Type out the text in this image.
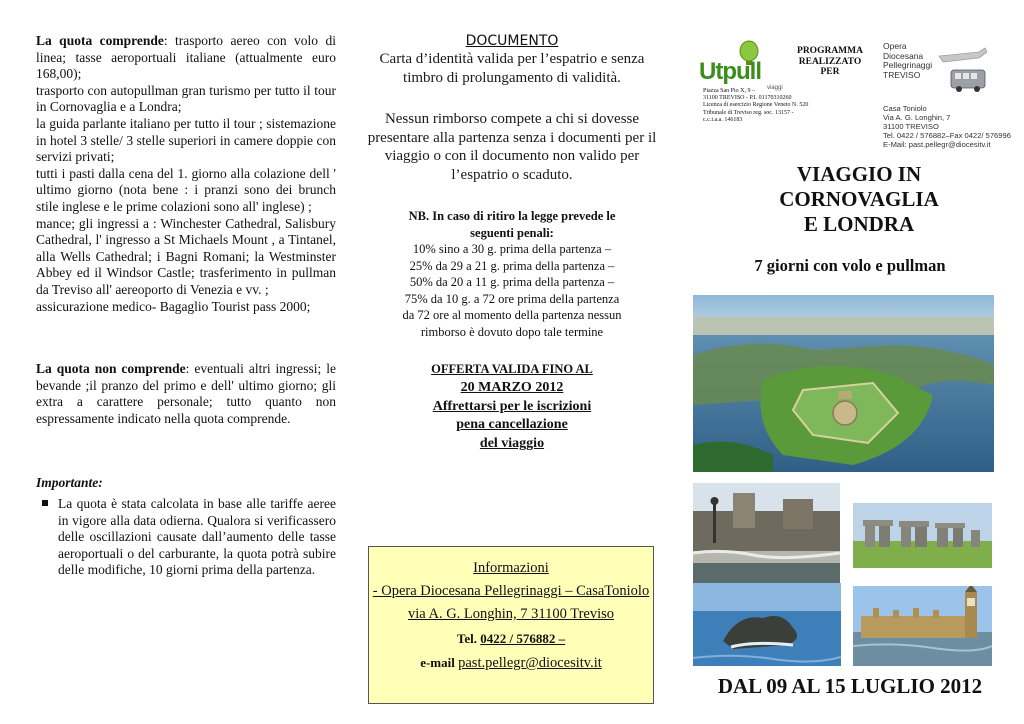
La quota comprende: trasporto aereo con volo di linea; tasse aeroportuali italiane (attualmente euro 168,00);

trasporto con autopullman gran turismo per tutto il tour in Cornovaglia e a Londra;

la guida parlante italiano per tutto il tour ; sistemazione in hotel 3 stelle/ 3 stelle superiori in camere doppie con servizi privati;

tutti i pasti dalla cena del 1. giorno alla colazione dell ' ultimo giorno (nota bene : i pranzi sono dei brunch stile inglese e le prime colazioni sono all' inglese) ;

mance; gli ingressi a : Winchester Cathedral, Salisbury Cathedral, l' ingresso a St Michaels Mount , a Tintanel, alla Wells Cathedral; i Bagni Romani; la Westminster Abbey ed il Windsor Castle; trasferimento in pullman da Treviso all' aereoporto di Venezia e vv. ;

assicurazione medico- Bagaglio Tourist pass 2000;

La quota non comprende: eventuali altri ingressi; le bevande ;il pranzo del primo e dell' ultimo giorno; gli extra a carattere personale; tutto quanto non espressamente indicato nella quota comprende.

Importante:

La quota è stata calcolata in base alle tariffe aeree in vigore alla data odierna. Qualora si verificassero delle oscillazioni causate dall’aumento delle tasse aeroportuali o del carburante, la quota potrà subire delle modifiche, 10 giorni prima della partenza.

DOCUMENTO

Carta d’identità valida per l’espatrio e senza timbro di prolungamento di validità.

Nessun rimborso compete a chi si dovesse presentare alla partenza senza i documenti per il viaggio o con il documento non valido per l’espatrio o scaduto.

NB. In caso di ritiro la legge prevede le seguenti penali:
10% sino a 30 g. prima della partenza –
25% da 29 a 21 g. prima della partenza –
50% da 20 a 11 g. prima della partenza –
75% da 10 g. a 72 ore prima della partenza
da 72 ore al momento della partenza nessun rimborso è dovuto dopo tale termine
OFFERTA VALIDA FINO AL
20 MARZO 2012
Affrettarsi per le iscrizioni
pena cancellazione
del viaggio
Informazioni
- Opera Diocesana Pellegrinaggi – CasaToniolo
via A. G. Longhin, 7 31100 Treviso
Tel. 0422 / 576882 –
e-mail past.pellegr@diocesitv.it
Utpull
viaggi
Piazza San Pio X, 9 –
31100 TREVISO - P.I. 01170310260
Licenza di esercizio Regione Veneto N. 520
Tribunale di Treviso reg. soc. 13157 -
c.c.i.a.a. 146183
PROGRAMMA
REALIZZATO
PER
Opera
Diocesana
Pellegrinaggi
TREVISO
Casa Toniolo
Via A. G. Longhin, 7
31100 TREVISO
Tel. 0422 / 576882–Fax 0422/ 576996
E-Mail: past.pellegr@diocesitv.it
VIAGGIO IN
CORNOVAGLIA
E LONDRA
7 giorni con volo e pullman
DAL 09 AL 15 LUGLIO 2012
